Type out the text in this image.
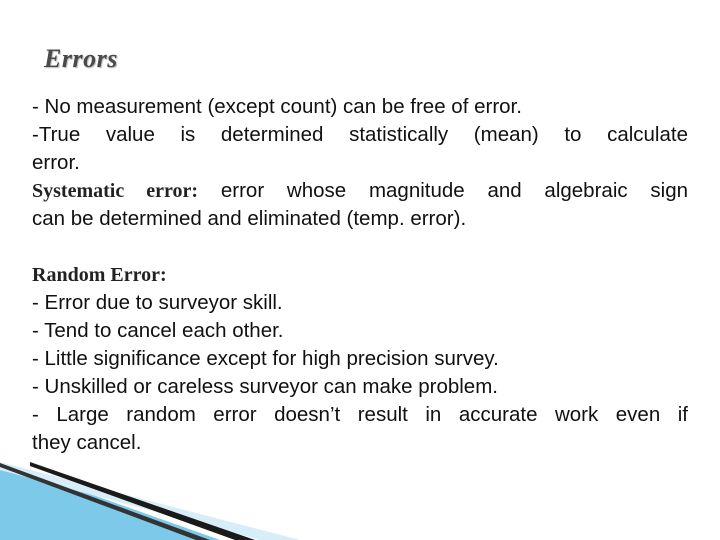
Errors

- No measurement (except count) can be free of error.

-True value is determined statistically (mean) to calculate

error.

Systematic error: error whose magnitude and algebraic sign

can be determined and eliminated (temp. error).

Random Error:

- Error due to surveyor skill.

- Tend to cancel each other.

- Little significance except for high precision survey.

- Unskilled or careless surveyor can make problem.

- Large random error doesn’t result in accurate work even if

they cancel.
